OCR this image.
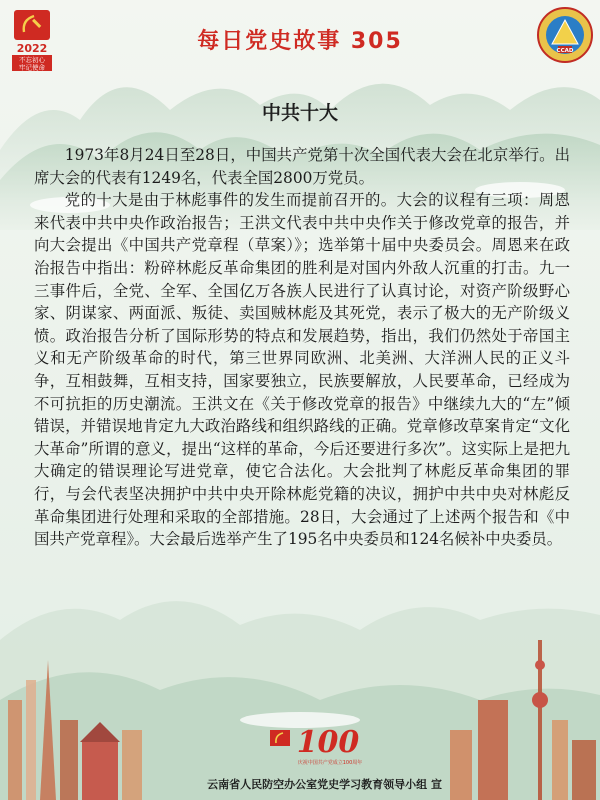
2022
不忘初心
牢记使命
每日党史故事 305	CCAD
中共十大

1973年8月24日至28日，中国共产党第十次全国代表大会在北京举行。出席大会的代表有1249名，代表全国2800万党员。

党的十大是由于林彪事件的发生而提前召开的。大会的议程有三项：周恩来代表中共中央作政治报告；王洪文代表中共中央作关于修改党章的报告，并向大会提出《中国共产党章程（草案）》；选举第十届中央委员会。周恩来在政治报告中指出：粉碎林彪反革命集团的胜利是对国内外敌人沉重的打击。九一三事件后，全党、全军、全国亿万各族人民进行了认真讨论，对资产阶级野心家、阴谋家、两面派、叛徒、卖国贼林彪及其死党，表示了极大的无产阶级义愤。政治报告分析了国际形势的特点和发展趋势，指出，我们仍然处于帝国主义和无产阶级革命的时代，第三世界同欧洲、北美洲、大洋洲人民的正义斗争，互相鼓舞，互相支持，国家要独立，民族要解放，人民要革命，已经成为不可抗拒的历史潮流。王洪文在《关于修改党章的报告》中继续九大的“左”倾错误，并错误地肯定九大政治路线和组织路线的正确。党章修改草案肯定“文化大革命”所谓的意义，提出“这样的革命，今后还要进行多次”。这实际上是把九大确定的错误理论写进党章，使它合法化。大会批判了林彪反革命集团的罪行，与会代表坚决拥护中共中央开除林彪党籍的决议，拥护中共中央对林彪反革命集团进行处理和采取的全部措施。28日，大会通过了上述两个报告和《中国共产党章程》。大会最后选举产生了195名中央委员和124名候补中央委员。

100
庆祝中国共产党成立100周年
云南省人民防空办公室党史学习教育领导小组 宣
